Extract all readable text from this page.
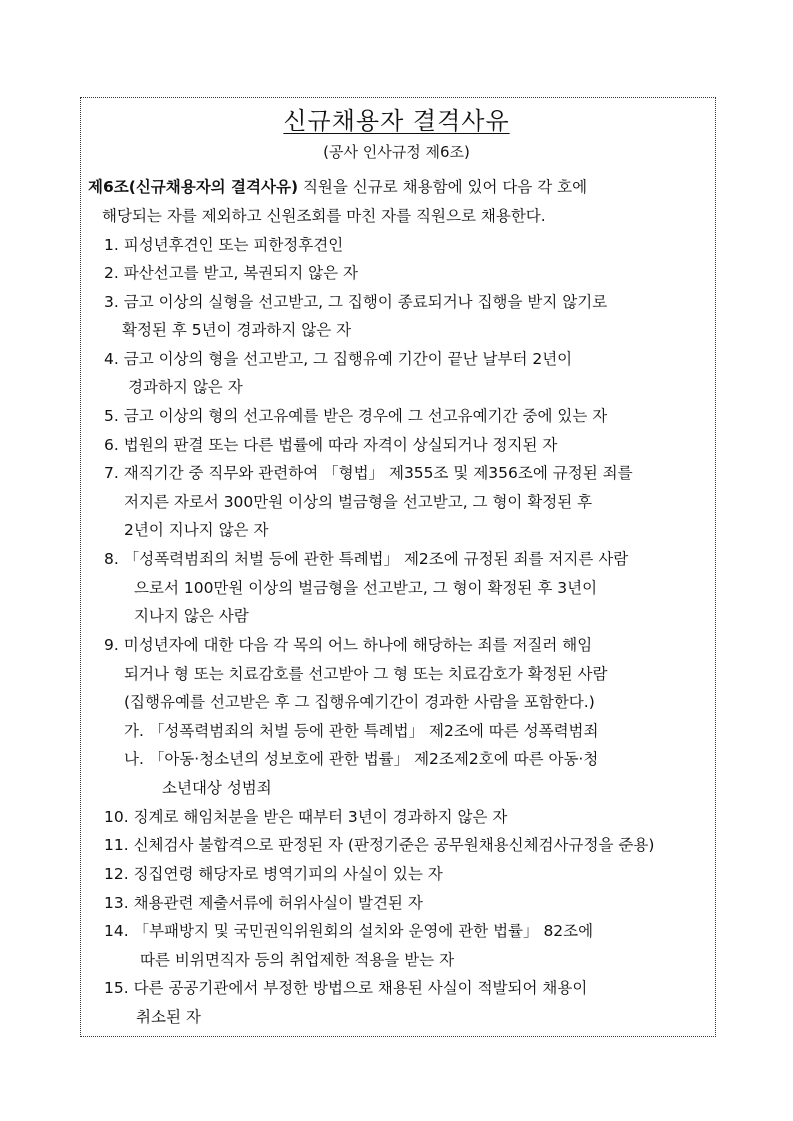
신규채용자 결격사유
(공사 인사규정 제6조)
제6조(신규채용자의 결격사유) 직원을 신규로 채용함에 있어 다음 각 호에
해당되는 자를 제외하고 신원조회를 마친 자를 직원으로 채용한다.
1. 피성년후견인 또는 피한정후견인
2. 파산선고를 받고, 복권되지 않은 자
3. 금고 이상의 실형을 선고받고, 그 집행이 종료되거나 집행을 받지 않기로
확정된 후 5년이 경과하지 않은 자
4. 금고 이상의 형을 선고받고, 그 집행유예 기간이 끝난 날부터 2년이
경과하지 않은 자
5. 금고 이상의 형의 선고유예를 받은 경우에 그 선고유예기간 중에 있는 자
6. 법원의 판결 또는 다른 법률에 따라 자격이 상실되거나 정지된 자
7. 재직기간 중 직무와 관련하여 「형법」 제355조 및 제356조에 규정된 죄를
저지른 자로서 300만원 이상의 벌금형을 선고받고, 그 형이 확정된 후
2년이 지나지 않은 자
8. 「성폭력범죄의 처벌 등에 관한 특례법」 제2조에 규정된 죄를 저지른 사람
으로서 100만원 이상의 벌금형을 선고받고, 그 형이 확정된 후 3년이
지나지 않은 사람
9. 미성년자에 대한 다음 각 목의 어느 하나에 해당하는 죄를 저질러 해임
되거나 형 또는 치료감호를 선고받아 그 형 또는 치료감호가 확정된 사람
(집행유예를 선고받은 후 그 집행유예기간이 경과한 사람을 포함한다.)
가. 「성폭력범죄의 처벌 등에 관한 특례법」 제2조에 따른 성폭력범죄
나. 「아동·청소년의 성보호에 관한 법률」 제2조제2호에 따른 아동·청
소년대상 성범죄
10. 징계로 해임처분을 받은 때부터 3년이 경과하지 않은 자
11. 신체검사 불합격으로 판정된 자 (판정기준은 공무원채용신체검사규정을 준용)
12. 징집연령 해당자로 병역기피의 사실이 있는 자
13. 채용관련 제출서류에 허위사실이 발견된 자
14. 「부패방지 및 국민권익위원회의 설치와 운영에 관한 법률」 82조에
따른 비위면직자 등의 취업제한 적용을 받는 자
15. 다른 공공기관에서 부정한 방법으로 채용된 사실이 적발되어 채용이
취소된 자
